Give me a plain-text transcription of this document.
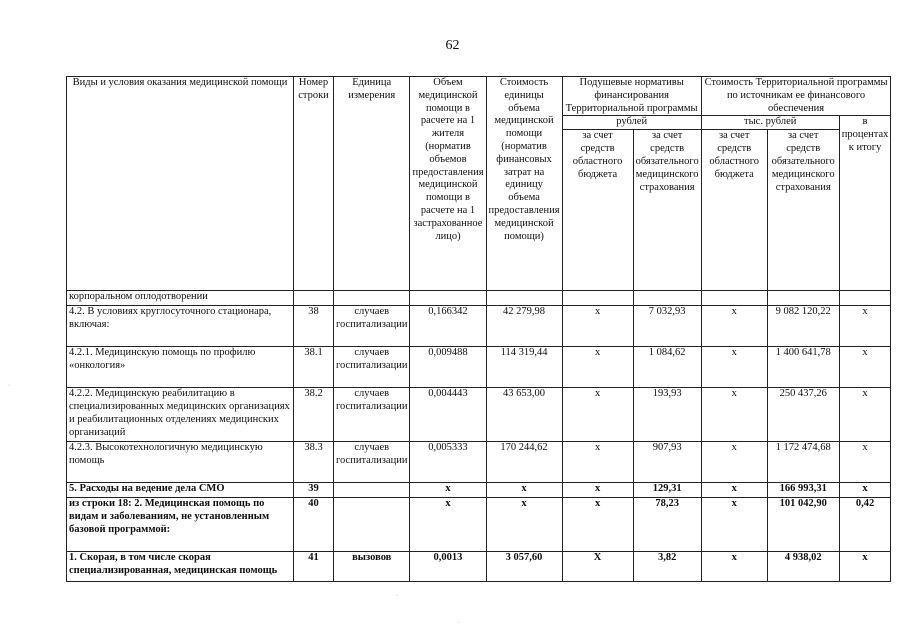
62
Виды и условия оказания медицинской помощи	Номер строки	Единица измерения	Объем медицинской помощи в расчете на 1 жителя (норматив объемов предоставления медицинской помощи в расчете на 1 застрахованное лицо)	Стоимость единицы объема медицинской помощи (норматив финансовых затрат на единицу объема предоставления медицинской помощи)	Подушевые нормативы финансирования Территориальной программы		Стоимость Территориальной программы по источникам ее финансового обеспечения		
					рублей		тыс. рублей		в процентах к итогу
					за счет средств областного бюджета	за счет средств обязательного медицинского страхования	за счет средств областного бюджета	за счет средств обязательного медицинского страхования	
корпоральном оплодотворении									
4.2. В условиях круглосуточного стационара, включая:	38	случаев госпитализации	0,166342	42 279,98	х	7 032,93	х	9 082 120,22	х
4.2.1. Медицинскую помощь по профилю «онкология»	38.1	случаев госпитализации	0,009488	114 319,44	х	1 084,62	х	1 400 641,78	х
4.2.2. Медицинскую реабилитацию в специализированных медицинских организациях и реабилитационных отделениях медицинских организаций	38.2	случаев госпитализации	0,004443	43 653,00	х	193,93	х	250 437,26	х
4.2.3. Высокотехнологичную медицинскую помощь	38.3	случаев госпитализации	0,005333	170 244,62	х	907,93	х	1 172 474,68	х
5. Расходы на ведение дела СМО	39		х	х	х	129,31	х	166 993,31	х
из строки 18: 2. Медицинская помощь по видам и заболеваниям, не установленным базовой программой:	40		х	х	х	78,23	х	101 042,90	0,42
1. Скорая, в том числе скорая специализированная, медицинская помощь	41	вызовов	0,0013	3 057,60	Х	3,82	х	4 938,02	х
·
·
·
